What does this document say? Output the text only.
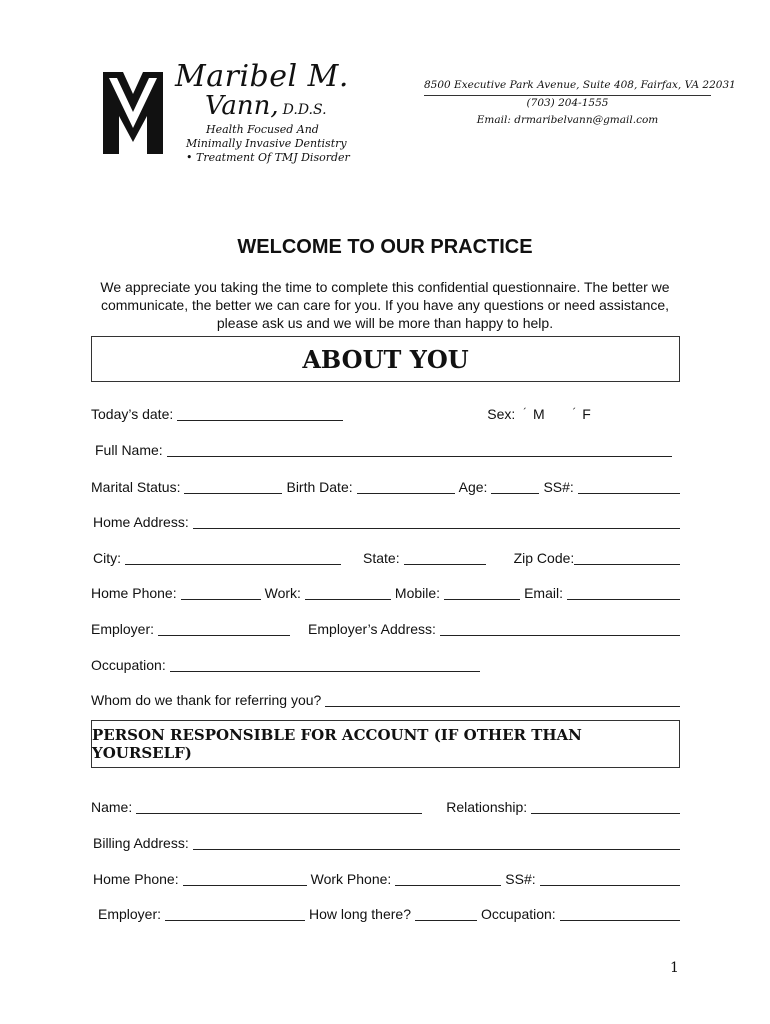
Maribel M.
Vann, D.D.S.
Health Focused And
Minimally Invasive Dentistry
• Treatment Of TMJ Disorder
8500 Executive Park Avenue, Suite 408, Fairfax, VA 22031
(703) 204-1555
Email: drmaribelvann@gmail.com
WELCOME TO OUR PRACTICE
We appreciate you taking the time to complete this confidential questionnaire. The better we communicate, the better we can care for you. If you have any questions or need assistance, please ask us and we will be more than happy to help.
ABOUT YOU
Today’s date:	Sex: ´ M	´ F
Full Name:
Marital Status:	Birth Date:	Age:	SS#:
Home Address:
City:	State:	Zip Code:
Home Phone:	Work:	Mobile:	Email:
Employer:	Employer’s Address:
Occupation:
Whom do we thank for referring you?
PERSON RESPONSIBLE FOR ACCOUNT (IF OTHER THAN YOURSELF)
Name:	Relationship:
Billing Address:
Home Phone:	Work Phone:	SS#:
Employer:	How long there?	Occupation:
1
